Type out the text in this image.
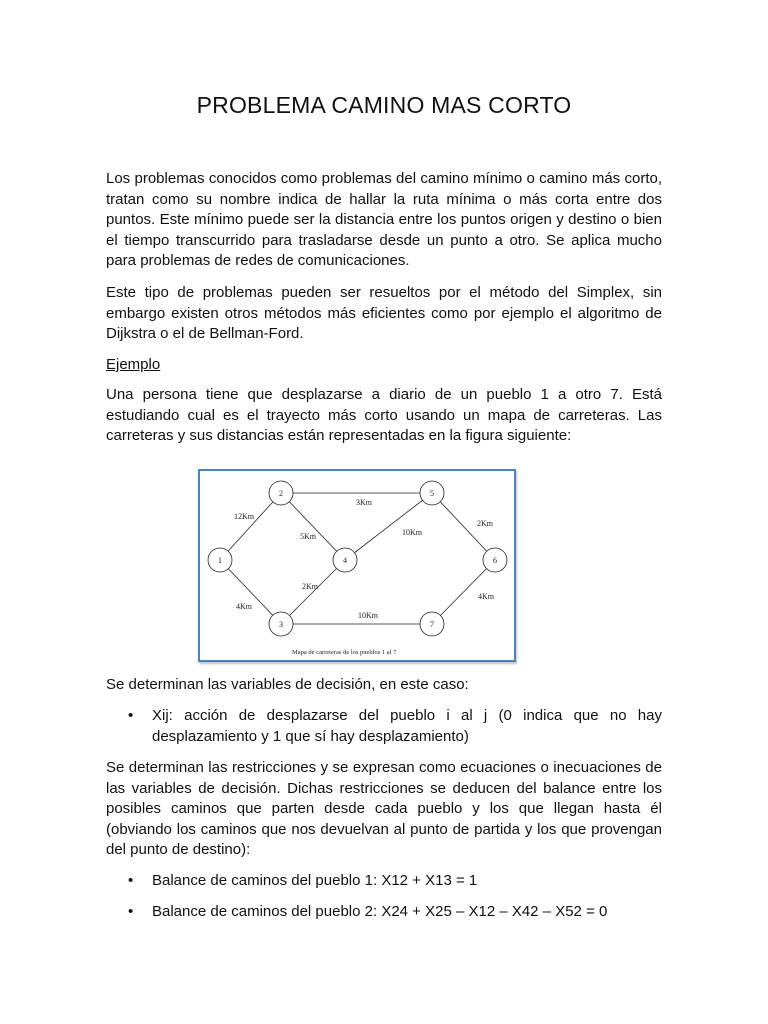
PROBLEMA CAMINO MAS CORTO
Los problemas conocidos como problemas del camino mínimo o camino más corto, tratan como su nombre indica de hallar la ruta mínima o más corta entre dos puntos. Este mínimo puede ser la distancia entre los puntos origen y destino o bien el tiempo transcurrido para trasladarse desde un punto a otro. Se aplica mucho para problemas de redes de comunicaciones.
Este tipo de problemas pueden ser resueltos por el método del Simplex, sin embargo existen otros métodos más eficientes como por ejemplo el algoritmo de Dijkstra o el de Bellman-Ford.
Ejemplo
Una persona tiene que desplazarse a diario de un pueblo 1 a otro 7. Está estudiando cual es el trayecto más corto usando un mapa de carreteras. Las carreteras y sus distancias están representadas en la figura siguiente:
12Km
4Km
3Km
5Km
2Km
10Km
10Km
2Km
4Km
1
2
3
4
5
6
7
Mapa de carreteras de los pueblos 1 al 7
Se determinan las variables de decisión, en este caso:
• Xij: acción de desplazarse del pueblo i al j (0 indica que no hay desplazamiento y 1 que sí hay desplazamiento)
Se determinan las restricciones y se expresan como ecuaciones o inecuaciones de las variables de decisión. Dichas restricciones se deducen del balance entre los posibles caminos que parten desde cada pueblo y los que llegan hasta él (obviando los caminos que nos devuelvan al punto de partida y los que provengan del punto de destino):
• Balance de caminos del pueblo 1: X12 + X13 = 1
• Balance de caminos del pueblo 2: X24 + X25 – X12 – X42 – X52 = 0
